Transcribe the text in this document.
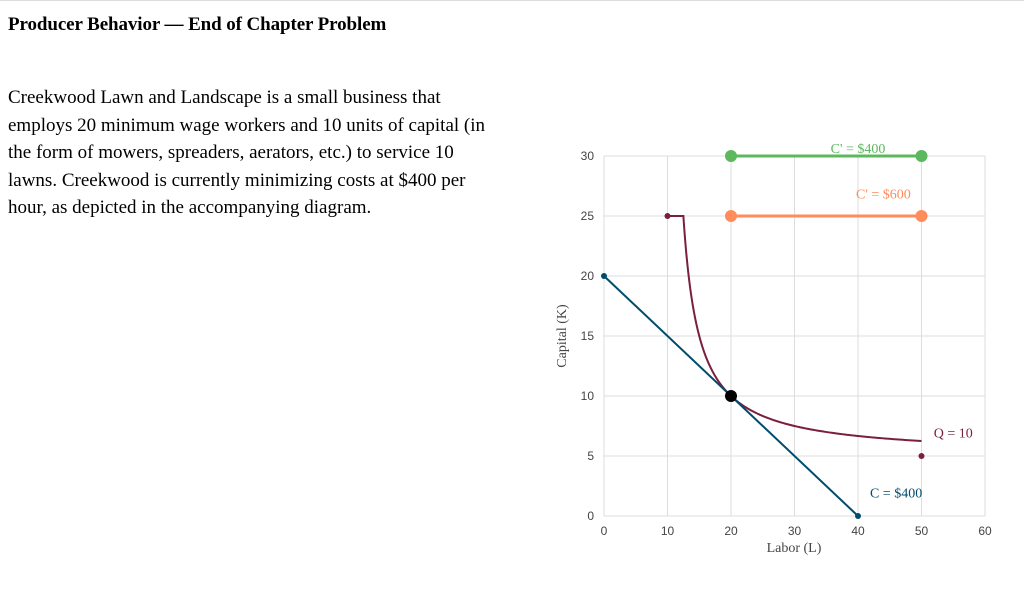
Producer Behavior — End of Chapter Problem

Creekwood Lawn and Landscape is a small business that employs 20 minimum wage workers and 10 units of capital (in the form of mowers, spreaders, aerators, etc.) to service 10 lawns. Creekwood is currently minimizing costs at $400 per hour, as depicted in the accompanying diagram.

0	10	20	30	40	50	60
0
5
10
15
20
25
30
Labor (L)
Capital (K)
C' = $400
C' = $600
Q = 10
C = $400
